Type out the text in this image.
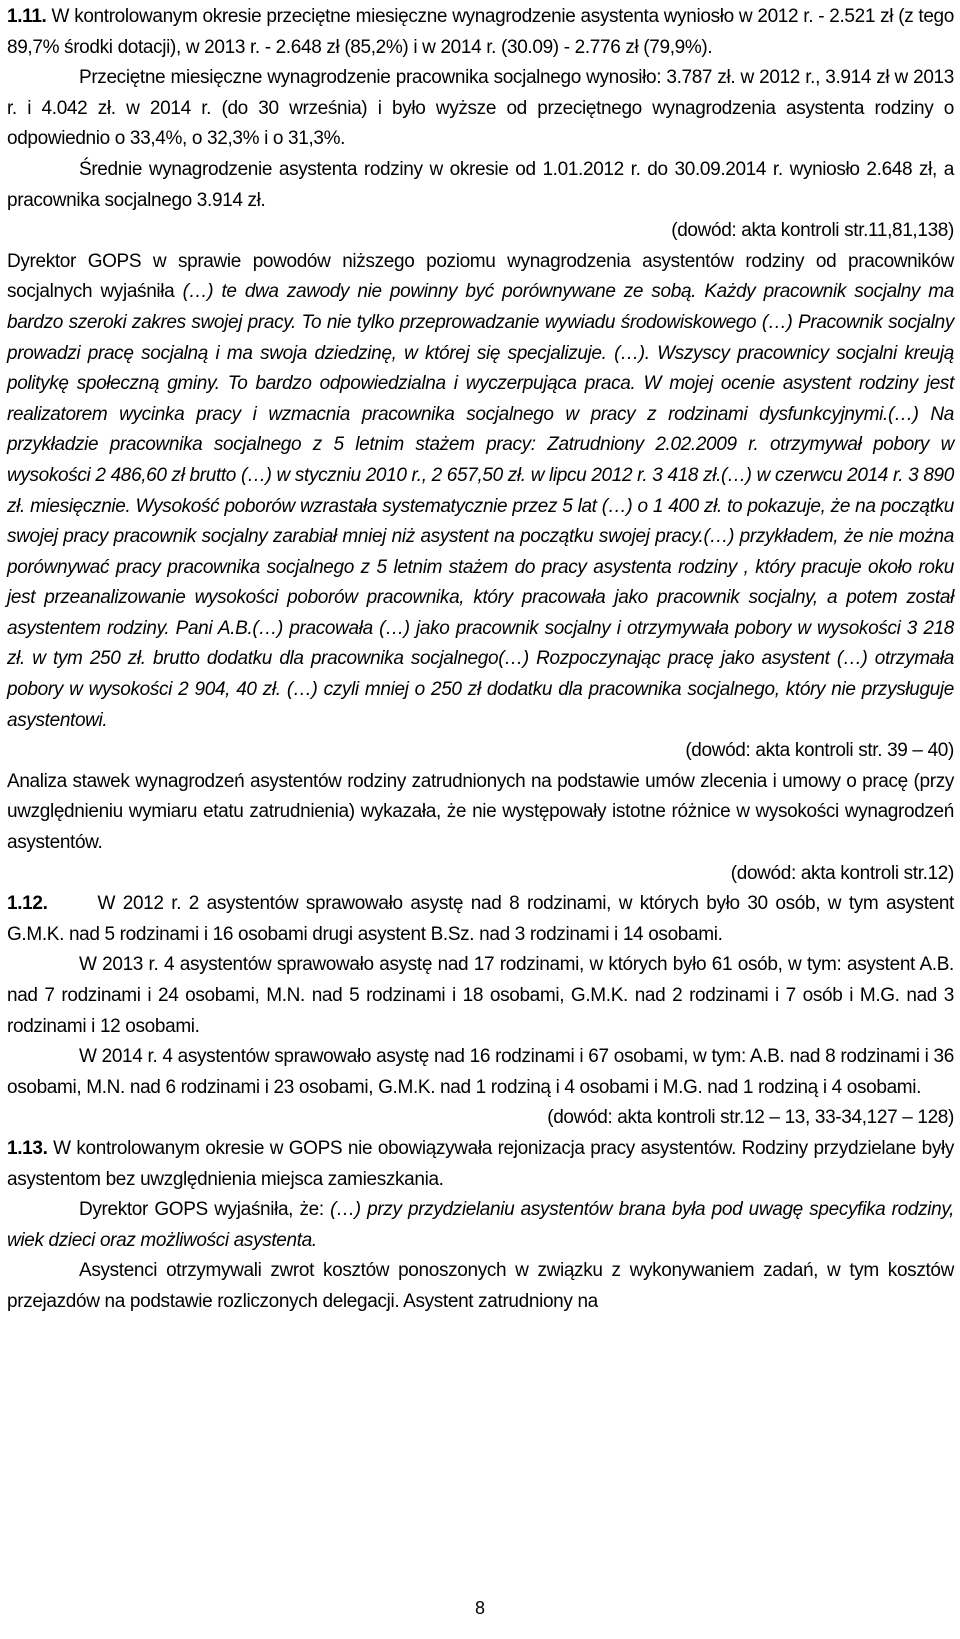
1.11. W kontrolowanym okresie przeciętne miesięczne wynagrodzenie asystenta wyniosło w 2012 r. - 2.521 zł (z tego 89,7% środki dotacji), w 2013 r. - 2.648 zł (85,2%) i w 2014 r. (30.09) - 2.776 zł (79,9%).

Przeciętne miesięczne wynagrodzenie pracownika socjalnego wynosiło: 3.787 zł. w 2012 r., 3.914 zł w 2013 r. i 4.042 zł. w 2014 r. (do 30 września) i było wyższe od przeciętnego wynagrodzenia asystenta rodziny o odpowiednio o 33,4%, o 32,3% i o 31,3%.

Średnie wynagrodzenie asystenta rodziny w okresie od 1.01.2012 r. do 30.09.2014 r. wyniosło 2.648 zł, a pracownika socjalnego 3.914 zł.

(dowód: akta kontroli str.11,81,138)

Dyrektor GOPS w sprawie powodów niższego poziomu wynagrodzenia asystentów rodziny od pracowników socjalnych wyjaśniła (…) te dwa zawody nie powinny być porównywane ze sobą. Każdy pracownik socjalny ma bardzo szeroki zakres swojej pracy. To nie tylko przeprowadzanie wywiadu środowiskowego (…) Pracownik socjalny prowadzi pracę socjalną i ma swoja dziedzinę, w której się specjalizuje. (…). Wszyscy pracownicy socjalni kreują politykę społeczną gminy. To bardzo odpowiedzialna i wyczerpująca praca. W mojej ocenie asystent rodziny jest realizatorem wycinka pracy i wzmacnia pracownika socjalnego w pracy z rodzinami dysfunkcyjnymi.(…) Na przykładzie pracownika socjalnego z 5 letnim stażem pracy: Zatrudniony 2.02.2009 r. otrzymywał pobory w wysokości 2 486,60 zł brutto (…) w styczniu 2010 r., 2 657,50 zł. w lipcu 2012 r. 3 418 zł.(…) w czerwcu 2014 r. 3 890 zł. miesięcznie. Wysokość poborów wzrastała systematycznie przez 5 lat (…) o 1 400 zł. to pokazuje, że na początku swojej pracy pracownik socjalny zarabiał mniej niż asystent na początku swojej pracy.(…) przykładem, że nie można porównywać pracy pracownika socjalnego z 5 letnim stażem do pracy asystenta rodziny , który pracuje około roku jest przeanalizowanie wysokości poborów pracownika, który pracowała jako pracownik socjalny, a potem został asystentem rodziny. Pani A.B.(…) pracowała (…) jako pracownik socjalny i otrzymywała pobory w wysokości 3 218 zł. w tym 250 zł. brutto dodatku dla pracownika socjalnego(…) Rozpoczynając pracę jako asystent (…) otrzymała pobory w wysokości 2 904, 40 zł. (…) czyli mniej o 250 zł dodatku dla pracownika socjalnego, który nie przysługuje asystentowi.

(dowód: akta kontroli str. 39 – 40)

Analiza stawek wynagrodzeń asystentów rodziny zatrudnionych na podstawie umów zlecenia i umowy o pracę (przy uwzględnieniu wymiaru etatu zatrudnienia) wykazała, że nie występowały istotne różnice w wysokości wynagrodzeń asystentów.

(dowód: akta kontroli str.12)

1.12.	W 2012 r. 2 asystentów sprawowało asystę nad 8 rodzinami, w których było 30 osób, w tym asystent G.M.K. nad 5 rodzinami i 16 osobami drugi asystent B.Sz. nad 3 rodzinami i 14 osobami.

W 2013 r. 4 asystentów sprawowało asystę nad 17 rodzinami, w których było 61 osób, w tym: asystent A.B. nad 7 rodzinami i 24 osobami, M.N. nad 5 rodzinami i 18 osobami, G.M.K. nad 2 rodzinami i 7 osób i M.G. nad 3 rodzinami i 12 osobami.

W 2014 r. 4 asystentów sprawowało asystę nad 16 rodzinami i 67 osobami, w tym: A.B. nad 8 rodzinami i 36 osobami, M.N. nad 6 rodzinami i 23 osobami, G.M.K. nad 1 rodziną i 4 osobami i M.G. nad 1 rodziną i 4 osobami.

(dowód: akta kontroli str.12 – 13, 33-34,127 – 128)

1.13. W kontrolowanym okresie w GOPS nie obowiązywała rejonizacja pracy asystentów. Rodziny przydzielane były asystentom bez uwzględnienia miejsca zamieszkania.

Dyrektor GOPS wyjaśniła, że: (…) przy przydzielaniu asystentów brana była pod uwagę specyfika rodziny, wiek dzieci oraz możliwości asystenta.

Asystenci otrzymywali zwrot kosztów ponoszonych w związku z wykonywaniem zadań, w tym kosztów przejazdów na podstawie rozliczonych delegacji. Asystent zatrudniony na

8
